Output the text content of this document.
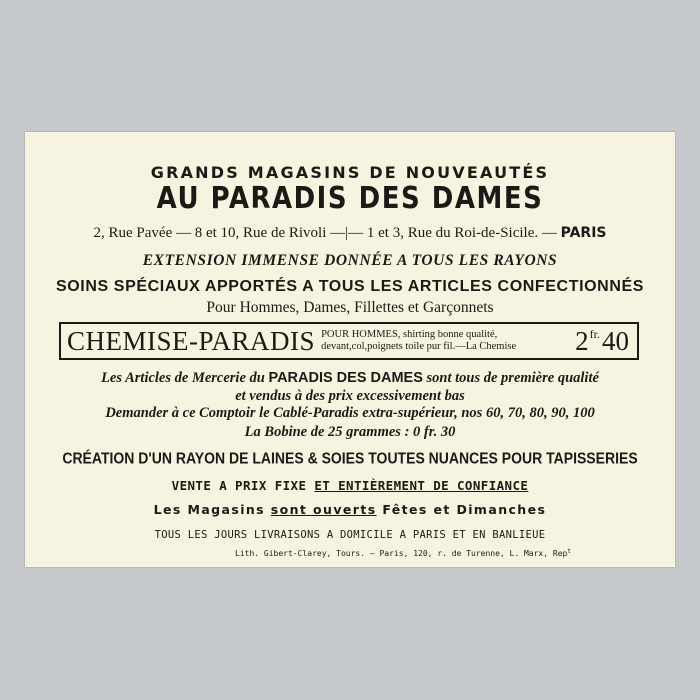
GRANDS MAGASINS DE NOUVEAUTÉS
AU PARADIS DES DAMES
2, Rue Pavée — 8 et 10, Rue de Rivoli —|— 1 et 3, Rue du Roi-de-Sicile. — PARIS
EXTENSION IMMENSE DONNÉE A TOUS LES RAYONS
SOINS SPÉCIAUX APPORTÉS A TOUS LES ARTICLES CONFECTIONNÉS
Pour Hommes, Dames, Fillettes et Garçonnets
CHEMISE-PARADIS POUR HOMMES, shirting bonne qualité,
devant,col,poignets toile pur fil.—La Chemise	$2^{fr.}40$
Les Articles de Mercerie du PARADIS DES DAMES sont tous de première qualité
et vendus à des prix excessivement bas
Demander à ce Comptoir le Cablé-Paradis extra-supérieur, nos 60, 70, 80, 90, 100
La Bobine de 25 grammes : 0 fr. 30
CRÉATION D'UN RAYON DE LAINES & SOIES TOUTES NUANCES POUR TAPISSERIES
VENTE A PRIX FIXE ET ENTIÈREMENT DE CONFIANCE
Les Magasins sont ouverts Fêtes et Dimanches
TOUS LES JOURS LIVRAISONS A DOMICILE A PARIS ET EN BANLIEUE
Lith. Gibert-Clarey, Tours. — Paris, 120, r. de Turenne, L. Marx, Rep$^t$
